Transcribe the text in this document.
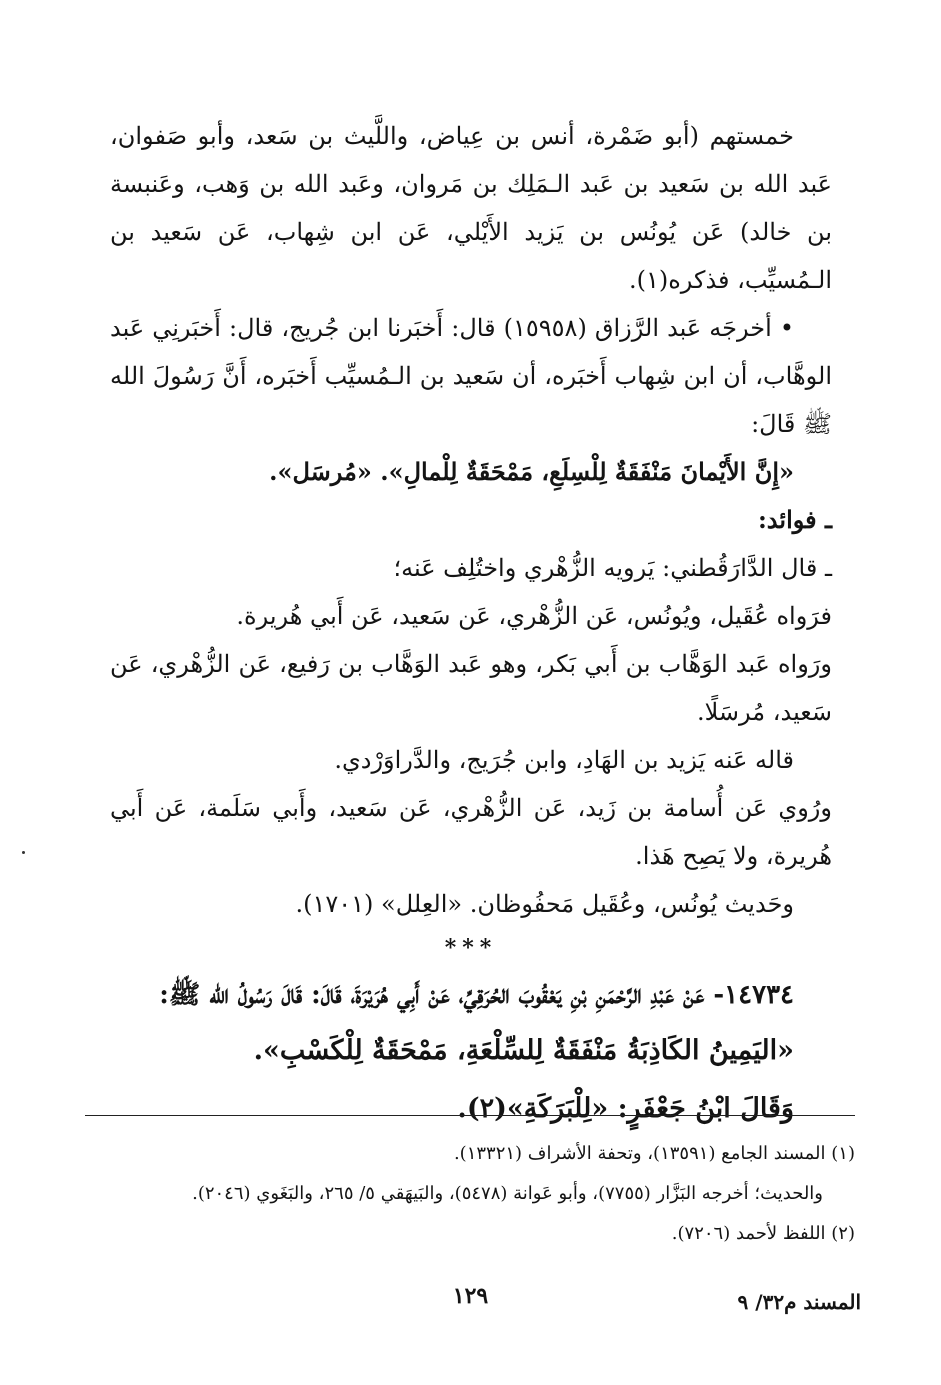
خمستهم (أبو ضَمْرة، أنس بن عِياض، واللَّيث بن سَعد، وأبو صَفوان، عَبد الله بن سَعيد بن عَبد الـمَلِك بن مَروان، وعَبد الله بن وَهب، وعَنبسة بن خالد) عَن يُونُس بن يَزيد الأَيْلي، عَن ابن شِهاب، عَن سَعيد بن الـمُسيِّب، فذكره(١).

• أخرجَه عَبد الرَّزاق (١٥٩٥٨) قال: أَخبَرنا ابن جُريج، قال: أَخبَرنِي عَبد الوهَّاب، أن ابن شِهاب أَخبَره، أن سَعيد بن الـمُسيِّب أَخبَره، أَنَّ رَسُولَ الله ﷺ قَالَ:

«إِنَّ الأَيْمانَ مَنْفَقَةٌ لِلْسِلَعِ، مَمْحَقَةٌ لِلْمالِ». «مُرسَل».

ـ فوائد:

ـ قال الدَّارَقُطني: يَرويه الزُّهْري واختُلِف عَنه؛

فرَواه عُقَيل، ويُونُس، عَن الزُّهْري، عَن سَعيد، عَن أَبي هُريرة.

ورَواه عَبد الوَهَّاب بن أَبي بَكر، وهو عَبد الوَهَّاب بن رَفيع، عَن الزُّهْري، عَن سَعيد، مُرسَلًا.

قاله عَنه يَزيد بن الهَادِ، وابن جُرَيج، والدَّراوَرْدي.

ورُوي عَن أُسامة بن زَيد، عَن الزُّهْري، عَن سَعيد، وأَبي سَلَمة، عَن أَبي هُريرة، ولا يَصِح هَذا.

وحَديث يُونُس، وعُقَيل مَحفُوظان. «العِلل» (١٧٠١).

***

١٤٧٣٤- عَنْ عَبْدِ الرَّحْمَنِ بْنِ يَعْقُوبَ الحُرَقِيِّ، عَنْ أَبِي هُرَيْرَةَ، قَالَ: قَالَ رَسُولُ الله ﷺ:

«اليَمِينُ الكَاذِبَةُ مَنْفَقَةٌ لِلسِّلْعَةِ، مَمْحَقَةٌ لِلْكَسْبِ».

وَقَالَ ابْنُ جَعْفَرٍ: «لِلْبَرَكَةِ»(٢).

(١) المسند الجامع (١٣٥٩١)، وتحفة الأشراف (١٣٣٢١).

والحديث؛ أخرجه البَزَّار (٧٧٥٥)، وأبو عَوانة (٥٤٧٨)، والبَيهَقي ٥/ ٢٦٥، والبَغَوي (٢٠٤٦).

(٢) اللفظ لأحمد (٧٢٠٦).

١٢٩	المسند م٣٢/ ٩
